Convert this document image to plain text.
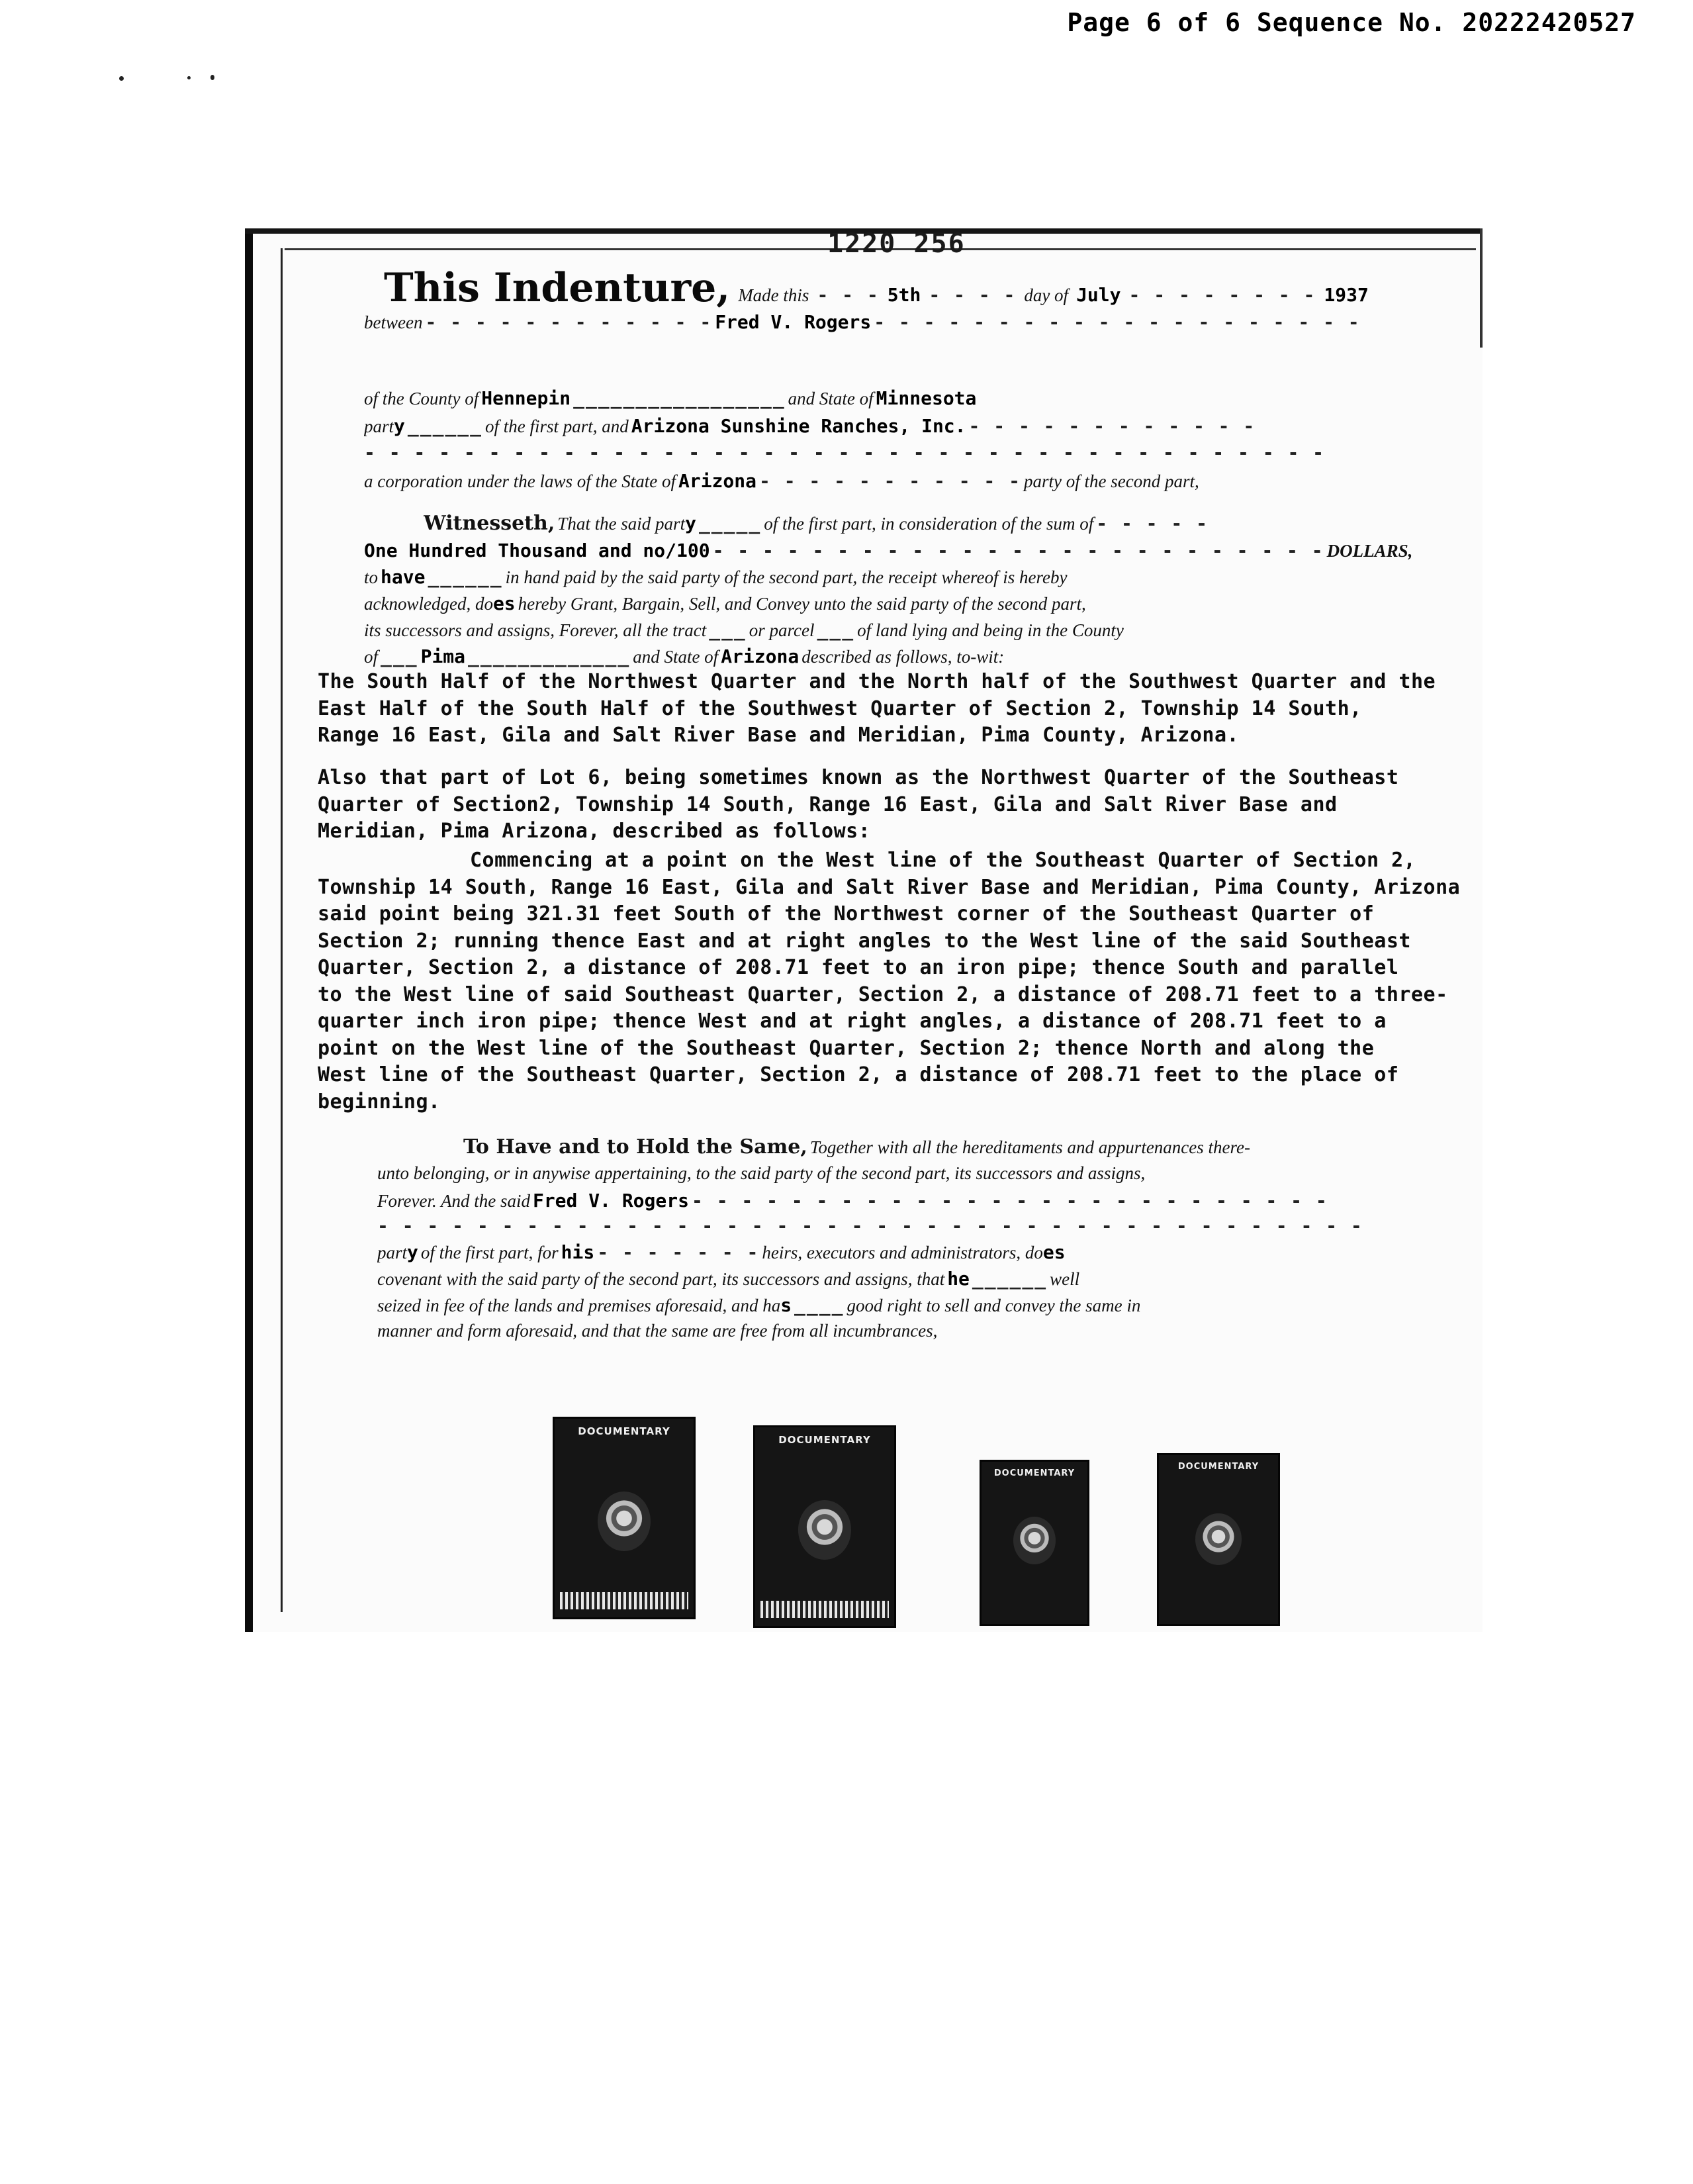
Page 6 of 6 Sequence No. 20222420527
1220 256
This Indenture, Made this - - - 5th - - - - day of July - - - - - - - - 1937
between - - - - - - - - - - - - Fred V. Rogers - - - - - - - - - - - - - - - - - - - -
of the County of Hennepin _________________ and State of Minnesota
party ______ of the first part, and Arizona Sunshine Ranches, Inc. - - - - - - - - - - - -
- - - - - - - - - - - - - - - - - - - - - - - - - - - - - - - - - - - - - - -
a corporation under the laws of the State of Arizona - - - - - - - - - - - party of the second part,
Witnesseth, That the said party _____ of the first part, in consideration of the sum of - - - - -
One Hundred Thousand and no/100 - - - - - - - - - - - - - - - - - - - - - - - - - DOLLARS,
to have ______ in hand paid by the said party of the second part, the receipt whereof is hereby
acknowledged, does hereby Grant, Bargain, Sell, and Convey unto the said party of the second part,
its successors and assigns, Forever, all the tract ___ or parcel ___ of land lying and being in the County
of ___ Pima _____________ and State of Arizona described as follows, to-wit:
The South Half of the Northwest Quarter and the North half of the Southwest Quarter and the
East Half of the South Half of the Southwest Quarter of Section 2, Township 14 South,
Range 16 East, Gila and Salt River Base and Meridian, Pima County, Arizona.
Also that part of Lot 6, being sometimes known as the Northwest Quarter of the Southeast
Quarter of Section2, Township 14 South, Range 16 East, Gila and Salt River Base and
Meridian, Pima Arizona, described as follows:
Commencing at a point on the West line of the Southeast Quarter of Section 2,
Township 14 South, Range 16 East, Gila and Salt River Base and Meridian, Pima County, Arizona
said point being 321.31 feet South of the Northwest corner of the Southeast Quarter of
Section 2; running thence East and at right angles to the West line of the said Southeast
Quarter, Section 2, a distance of 208.71 feet to an iron pipe; thence South and parallel
to the West line of said Southeast Quarter, Section 2, a distance of 208.71 feet to a three-
quarter inch iron pipe; thence West and at right angles, a distance of 208.71 feet to a
point on the West line of the Southeast Quarter, Section 2; thence North and along the
West line of the Southeast Quarter, Section 2, a distance of 208.71 feet to the place of
beginning.
To Have and to Hold the Same, Together with all the hereditaments and appurtenances there-
unto belonging, or in anywise appertaining, to the said party of the second part, its successors and assigns,
Forever. And the said Fred V. Rogers - - - - - - - - - - - - - - - - - - - - - - - - - -
- - - - - - - - - - - - - - - - - - - - - - - - - - - - - - - - - - - - - - - -
party of the first part, for his - - - - - - - heirs, executors and administrators, does
covenant with the said party of the second part, its successors and assigns, that he ______ well
seized in fee of the lands and premises aforesaid, and has ____ good right to sell and convey the same in
manner and form aforesaid, and that the same are free from all incumbrances,
DOCUMENTARY
DOCUMENTARY
DOCUMENTARY
DOCUMENTARY
